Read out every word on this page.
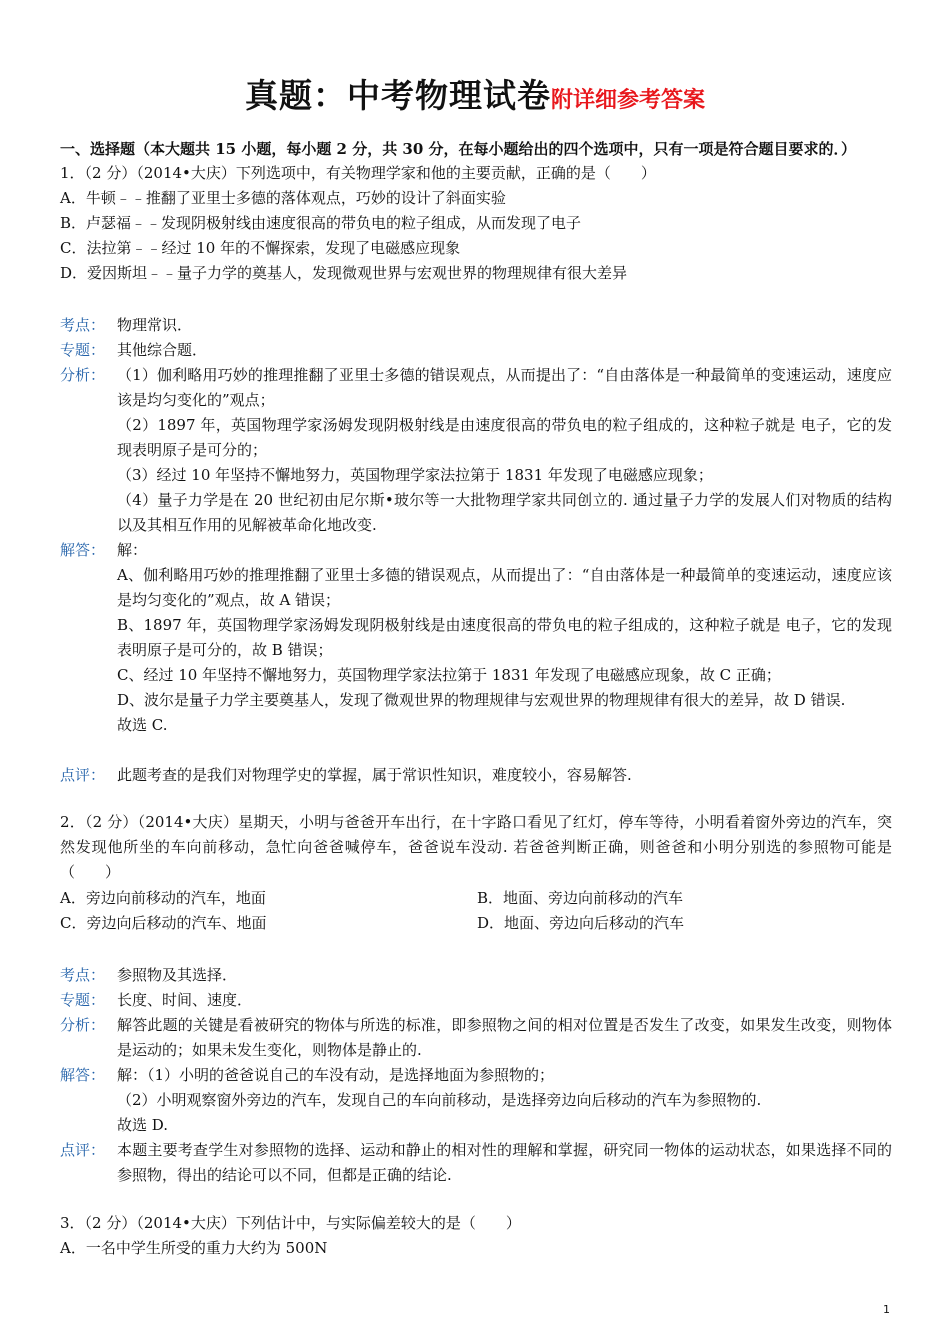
真题：中考物理试卷附详细参考答案
一、选择题（本大题共 15 小题，每小题 2 分，共 30 分，在每小题给出的四个选项中，只有一项是符合题目要求的．）
1．（2 分）（2014•大庆）下列选项中，有关物理学家和他的主要贡献，正确的是（　　）
A．牛顿﹣﹣推翻了亚里士多德的落体观点，巧妙的设计了斜面实验
B．卢瑟福﹣﹣发现阴极射线由速度很高的带负电的粒子组成，从而发现了电子
C．法拉第﹣﹣经过 10 年的不懈探索，发现了电磁感应现象
D．爱因斯坦﹣﹣量子力学的奠基人，发现微观世界与宏观世界的物理规律有很大差异
考点： 物理常识．

专题： 其他综合题．

分析： （1）伽利略用巧妙的推理推翻了亚里士多德的错误观点，从而提出了：“自由落体是一种最简单的变速运动，速度应该是均匀变化的”观点；

（2）1897 年，英国物理学家汤姆发现阴极射线是由速度很高的带负电的粒子组成的，这种粒子就是 电子，它的发现表明原子是可分的；

（3）经过 10 年坚持不懈地努力，英国物理学家法拉第于 1831 年发现了电磁感应现象；

（4）量子力学是在 20 世纪初由尼尔斯•玻尔等一大批物理学家共同创立的. 通过量子力学的发展人们对物质的结构以及其相互作用的见解被革命化地改变.

解答： 解：

A、伽利略用巧妙的推理推翻了亚里士多德的错误观点，从而提出了：“自由落体是一种最简单的变速运动，速度应该是均匀变化的”观点，故 A 错误；

B、1897 年，英国物理学家汤姆发现阴极射线是由速度很高的带负电的粒子组成的，这种粒子就是 电子，它的发现表明原子是可分的，故 B 错误；

C、经过 10 年坚持不懈地努力，英国物理学家法拉第于 1831 年发现了电磁感应现象，故 C 正确；

D、波尔是量子力学主要奠基人，发现了微观世界的物理规律与宏观世界的物理规律有很大的差异，故 D 错误.

故选 C.

点评： 此题考查的是我们对物理学史的掌握，属于常识性知识，难度较小，容易解答.

2．（2 分）（2014•大庆）星期天，小明与爸爸开车出行，在十字路口看见了红灯，停车等待，小明看着窗外旁边的汽车，突然发现他所坐的车向前移动，急忙向爸爸喊停车，爸爸说车没动. 若爸爸判断正确，则爸爸和小明分别选的参照物可能是（　　）

A．旁边向前移动的汽车，地面	B．地面、旁边向前移动的汽车
C．旁边向后移动的汽车、地面	D．地面、旁边向后移动的汽车
考点： 参照物及其选择．

专题： 长度、时间、速度．

分析： 解答此题的关键是看被研究的物体与所选的标准，即参照物之间的相对位置是否发生了改变，如果发生改变，则物体是运动的；如果未发生变化，则物体是静止的.

解答： 解：（1）小明的爸爸说自己的车没有动，是选择地面为参照物的；

（2）小明观察窗外旁边的汽车，发现自己的车向前移动，是选择旁边向后移动的汽车为参照物的.

故选 D.

点评： 本题主要考查学生对参照物的选择、运动和静止的相对性的理解和掌握，研究同一物体的运动状态，如果选择不同的参照物，得出的结论可以不同，但都是正确的结论.

3．（2 分）（2014•大庆）下列估计中，与实际偏差较大的是（　　）
A．一名中学生所受的重力大约为 500N
1
